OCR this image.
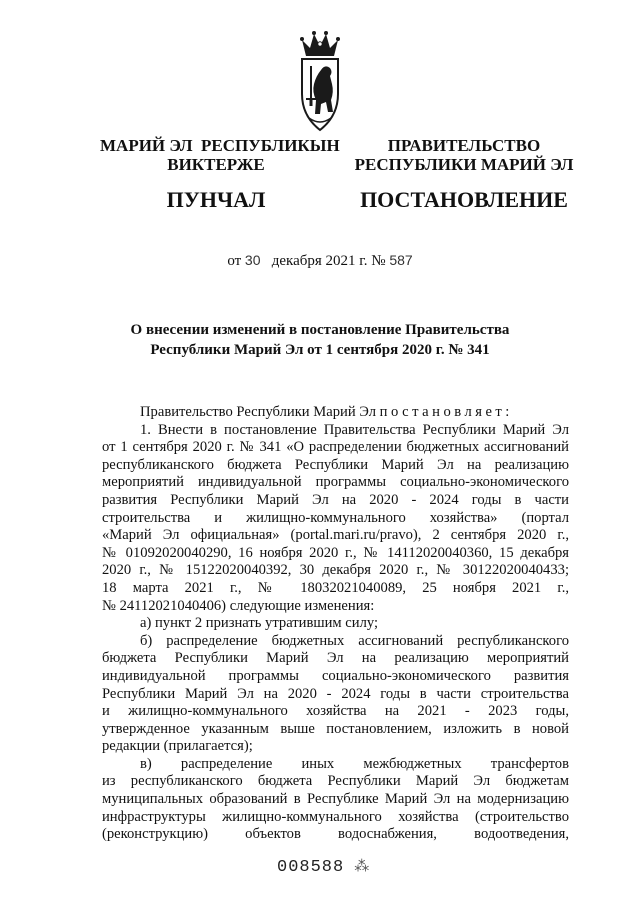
МАРИЙ ЭЛ  РЕСПУБЛИКЫН
ВИКТЕРЖЕ
ПУНЧАЛ
ПРАВИТЕЛЬСТВО
РЕСПУБЛИКИ МАРИЙ ЭЛ
ПОСТАНОВЛЕНИЕ
от 30 декабря 2021 г. № 587
О внесении изменений в постановление Правительства
Республики Марий Эл от 1 сентября 2020 г. № 341

Правительство Республики Марий Эл постановляет:

1. Внести в постановление Правительства Республики Марий Эл

от 1 сентября 2020 г. № 341 «О распределении бюджетных ассигнований

республиканского бюджета Республики Марий Эл на реализацию

мероприятий индивидуальной программы социально-экономического

развития Республики Марий Эл на 2020 - 2024 годы в части

строительства и жилищно-коммунального хозяйства» (портал

«Марий Эл официальная» (portal.mari.ru/pravo), 2 сентября 2020 г.,

№ 01092020040290, 16 ноября 2020 г., № 14112020040360, 15 декабря

2020 г., № 15122020040392, 30 декабря 2020 г., № 30122020040433;

18 марта 2021 г., № 18032021040089, 25 ноября 2021 г.,

№ 24112021040406) следующие изменения:

а) пункт 2 признать утратившим силу;

б) распределение бюджетных ассигнований республиканского

бюджета Республики Марий Эл на реализацию мероприятий

индивидуальной программы социально-экономического развития

Республики Марий Эл на 2020 - 2024 годы в части строительства

и жилищно-коммунального хозяйства на 2021 - 2023 годы,

утвержденное указанным выше постановлением, изложить в новой

редакции (прилагается);

в) распределение иных межбюджетных трансфертов

из республиканского бюджета Республики Марий Эл бюджетам

муниципальных образований в Республике Марий Эл на модернизацию

инфраструктуры жилищно-коммунального хозяйства (строительство

(реконструкцию) объектов водоснабжения, водоотведения,

008588 ⁂
